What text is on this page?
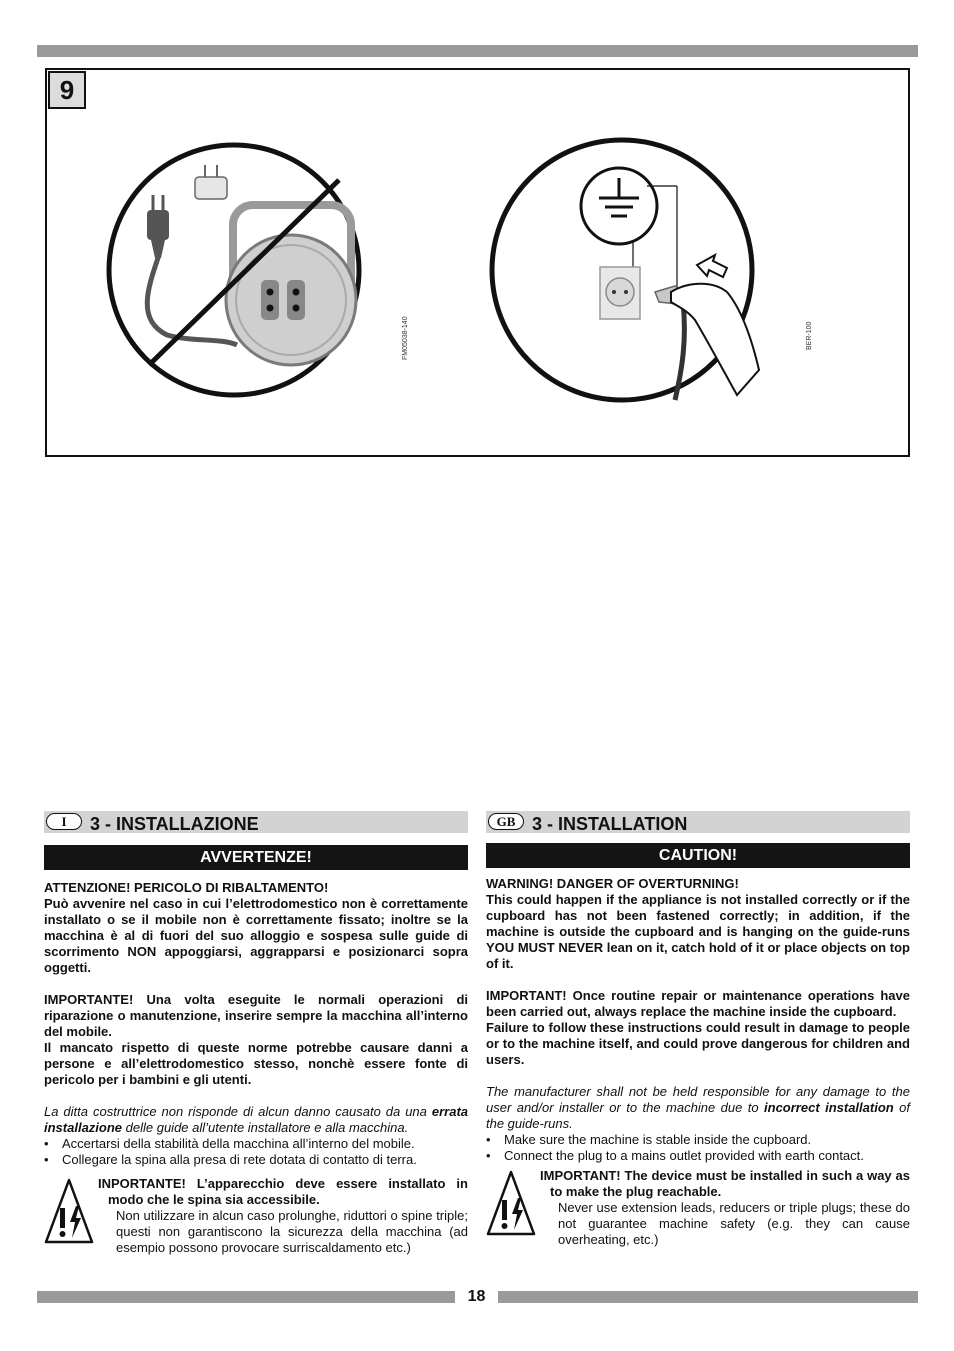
FM05038-140	BER-100
9
I	3 - INSTALLAZIONE
AVVERTENZE!
ATTENZIONE! PERICOLO DI RIBALTAMENTO!
Può avvenire nel caso in cui l’elettrodomestico non è correttamente installato o se il mobile non è correttamente fissato; inoltre se la macchina è al di fuori del suo alloggio e sospesa sulle guide di scorrimento NON appoggiarsi, aggrapparsi e posizionarci sopra oggetti.
IMPORTANTE! Una volta eseguite le normali operazioni di riparazione o manutenzione, inserire sempre la macchina all’interno del mobile.
Il mancato rispetto di queste norme potrebbe causare danni a persone e all’elettrodomestico stesso, nonchè essere fonte di pericolo per i bambini e gli utenti.
La ditta costruttrice non risponde di alcun danno causato da una errata installazione delle guide all’utente installatore e alla macchina.
• Accertarsi della stabilità della macchina all’interno del mobile.
• Collegare la spina alla presa di rete dotata di contatto di terra.
INPORTANTE! L’apparecchio deve essere installato in modo che le spina sia accessibile.
Non utilizzare in alcun caso prolunghe, riduttori o spine triple; questi non garantiscono la sicurezza della macchina (ad esempio possono provocare surriscaldamento etc.)
GB 3 - INSTALLATION
CAUTION!
WARNING! DANGER OF OVERTURNING!
This could happen if the appliance is not installed correctly or if the cupboard has not been fastened correctly; in addition, if the machine is outside the cupboard and is hanging on the guide-runs YOU MUST NEVER lean on it, catch hold of it or place objects on top of it.
IMPORTANT! Once routine repair or maintenance operations have been carried out, always replace the machine inside the cupboard.
Failure to follow these instructions could result in damage to people or to the machine itself, and could prove dangerous for children and users.
The manufacturer shall not be held responsible for any damage to the user and/or installer or to the machine due to incorrect installation of the guide-runs.
• Make sure the machine is stable inside the cupboard.
• Connect the plug to a mains outlet provided with earth contact.
IMPORTANT! The device must be installed in such a way as to make the plug reachable.
Never use extension leads, reducers or triple plugs; these do not guarantee machine safety (e.g. they can cause overheating, etc.)
18
